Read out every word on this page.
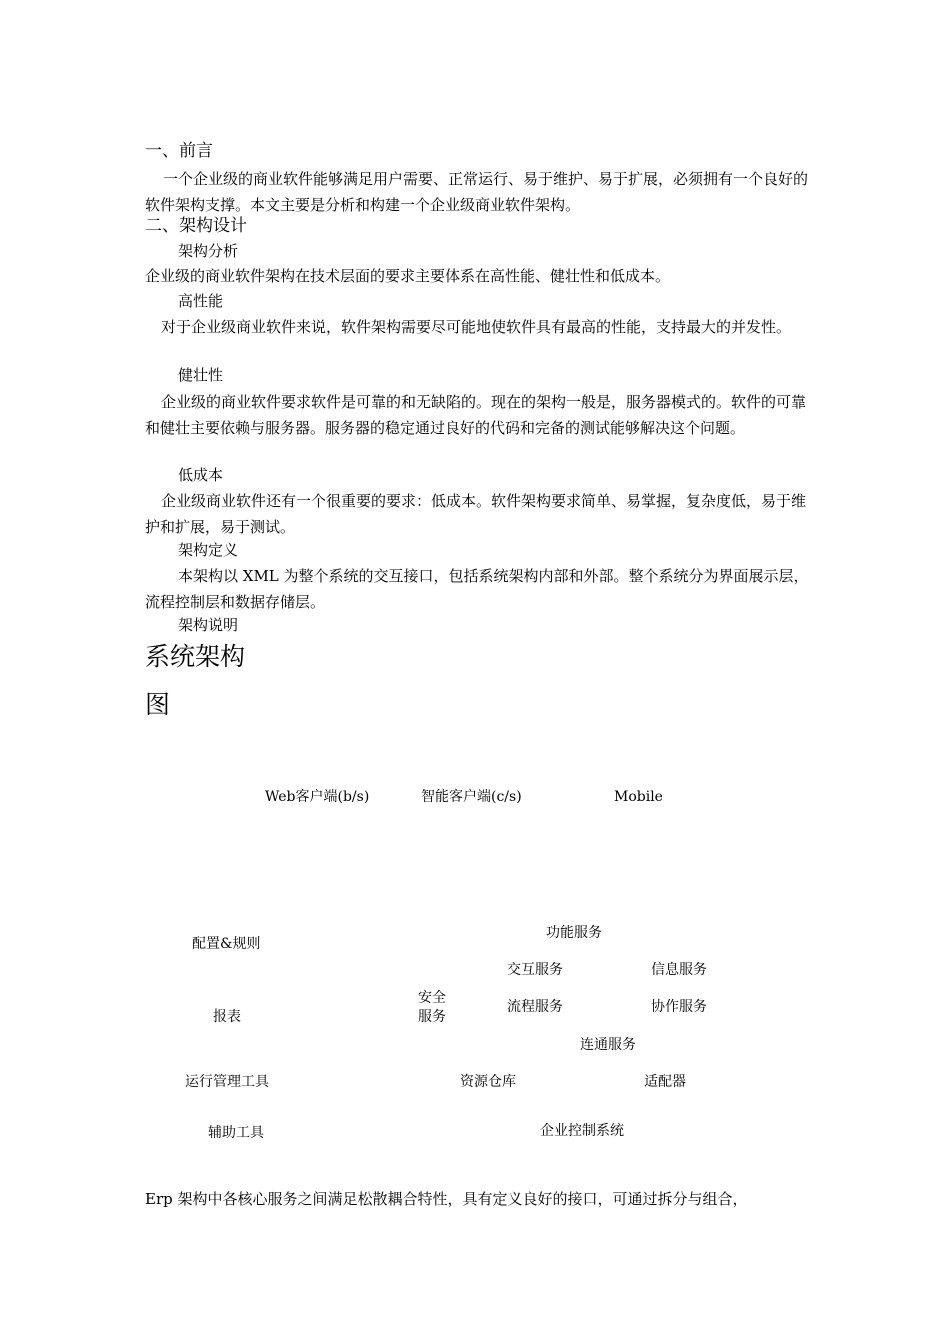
一、前言
一个企业级的商业软件能够满足用户需要、正常运行、易于维护、易于扩展，必须拥有一个良好的软件架构支撑。本文主要是分析和构建一个企业级商业软件架构。
二、架构设计
架构分析
企业级的商业软件架构在技术层面的要求主要体系在高性能、健壮性和低成本。
高性能
对于企业级商业软件来说，软件架构需要尽可能地使软件具有最高的性能，支持最大的并发性。
健壮性
企业级的商业软件要求软件是可靠的和无缺陷的。现在的架构一般是，服务器模式的。软件的可靠和健壮主要依赖与服务器。服务器的稳定通过良好的代码和完备的测试能够解决这个问题。
低成本
企业级商业软件还有一个很重要的要求：低成本。软件架构要求简单、易掌握，复杂度低，易于维护和扩展，易于测试。
架构定义
本架构以 XML 为整个系统的交互接口，包括系统架构内部和外部。整个系统分为界面展示层，流程控制层和数据存储层。
架构说明
系统架构
图
Web客户端(b/s)	智能客户端(c/s)	Mobile
功能服务
配置&规则
交互服务	信息服务
安全
服务
流程服务	协作服务
报表
连通服务
运行管理工具	资源仓库	适配器
企业控制系统
辅助工具
Erp 架构中各核心服务之间满足松散耦合特性，具有定义良好的接口，可通过拆分与组合，
